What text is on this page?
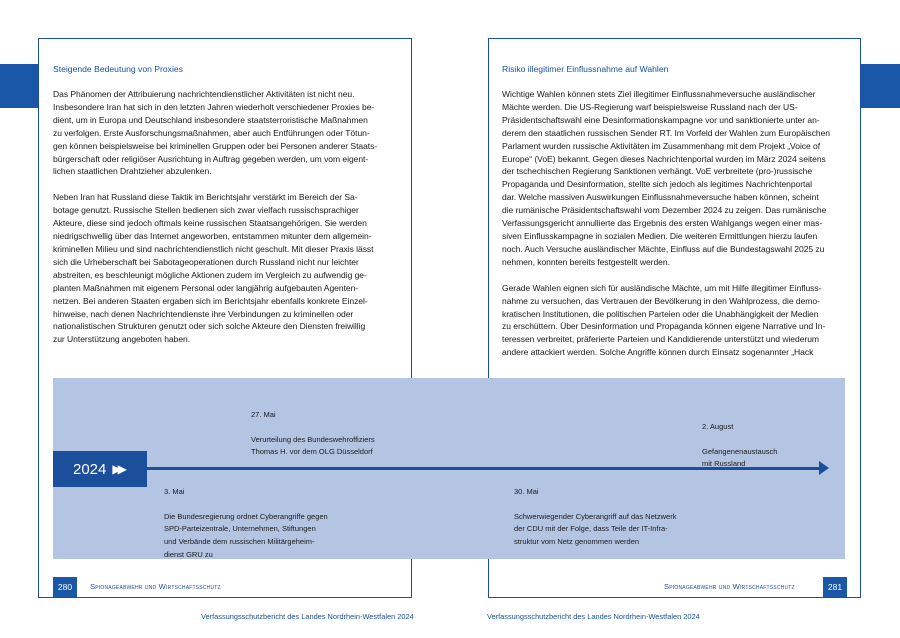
Steigende Bedeutung von Proxies

Das Phänomen der Attribuierung nachrichtendienstlicher Aktivitäten ist nicht neu.
Insbesondere Iran hat sich in den letzten Jahren wiederholt verschiedener Proxies be-
dient, um in Europa und Deutschland insbesondere staatsterroristische Maßnahmen
zu verfolgen. Erste Ausforschungsmaßnahmen, aber auch Entführungen oder Tötun-
gen können beispielsweise bei kriminellen Gruppen oder bei Personen anderer Staats-
bürgerschaft oder religiöser Ausrichtung in Auftrag gegeben werden, um vom eigent-
lichen staatlichen Drahtzieher abzulenken.

Neben Iran hat Russland diese Taktik im Berichtsjahr verstärkt im Bereich der Sa-
botage genutzt. Russische Stellen bedienen sich zwar vielfach russischsprachiger
Akteure, diese sind jedoch oftmals keine russischen Staatsangehörigen. Sie werden
niedrigschwellig über das Internet angeworben, entstammen mitunter dem allgemein-
kriminellen Milieu und sind nachrichtendienstlich nicht geschult. Mit dieser Praxis lässt
sich die Urheberschaft bei Sabotageoperationen durch Russland nicht nur leichter
abstreiten, es beschleunigt mögliche Aktionen zudem im Vergleich zu aufwendig ge-
planten Maßnahmen mit eigenem Personal oder langjährig aufgebauten Agenten-
netzen. Bei anderen Staaten ergaben sich im Berichtsjahr ebenfalls konkrete Einzel-
hinweise, nach denen Nachrichtendienste ihre Verbindungen zu kriminellen oder
nationalistischen Strukturen genutzt oder sich solche Akteure den Diensten freiwillig
zur Unterstützung angeboten haben.

Risiko illegitimer Einflussnahme auf Wahlen

Wichtige Wahlen können stets Ziel illegitimer Einflussnahmeversuche ausländischer
Mächte werden. Die US-Regierung warf beispielsweise Russland nach der US-
Präsidentschaftswahl eine Desinformationskampagne vor und sanktionierte unter an-
derem den staatlichen russischen Sender RT. Im Vorfeld der Wahlen zum Europäischen
Parlament wurden russische Aktivitäten im Zusammenhang mit dem Projekt „Voice of
Europe“ (VoE) bekannt. Gegen dieses Nachrichtenportal wurden im März 2024 seitens
der tschechischen Regierung Sanktionen verhängt. VoE verbreitete (pro-)russische
Propaganda und Desinformation, stellte sich jedoch als legitimes Nachrichtenportal
dar. Welche massiven Auswirkungen Einflussnahmeversuche haben können, scheint
die rumänische Präsidentschaftswahl vom Dezember 2024 zu zeigen. Das rumänische
Verfassungsgericht annullierte das Ergebnis des ersten Wahlgangs wegen einer mas-
siven Einflusskampagne in sozialen Medien. Die weiteren Ermittlungen hierzu laufen
noch. Auch Versuche ausländischer Mächte, Einfluss auf die Bundestagswahl 2025 zu
nehmen, konnten bereits festgestellt werden.

Gerade Wahlen eignen sich für ausländische Mächte, um mit Hilfe illegitimer Einfluss-
nahme zu versuchen, das Vertrauen der Bevölkerung in den Wahlprozess, die demo-
kratischen Institutionen, die politischen Parteien oder die Unabhängigkeit der Medien
zu erschüttern. Über Desinformation und Propaganda können eigene Narrative und In-
teressen verbreitet, präferierte Parteien und Kandidierende unterstützt und wiederum
andere attackiert werden. Solche Angriffe können durch Einsatz sogenannter „Hack

2024 ▶▶

27. Mai

Verurteilung des Bundeswehroffiziers
Thomas H. vor dem OLG Düsseldorf

2. August

Gefangenenaustausch
mit Russland

3. Mai

Die Bundesregierung ordnet Cyberangriffe gegen
SPD-Parteizentrale, Unternehmen, Stiftungen
und Verbände dem russischen Militärgeheim-
dienst GRU zu

30. Mai

Schwerwiegender Cyberangriff auf das Netzwerk
der CDU mit der Folge, dass Teile der IT-Infra-
struktur vom Netz genommen werden

280	Spionageabwehr und Wirtschaftsschutz	Spionageabwehr und Wirtschaftsschutz	281
Verfassungsschutzbericht des Landes Nordrhein-Westfalen 2024	Verfassungsschutzbericht des Landes Nordrhein-Westfalen 2024
